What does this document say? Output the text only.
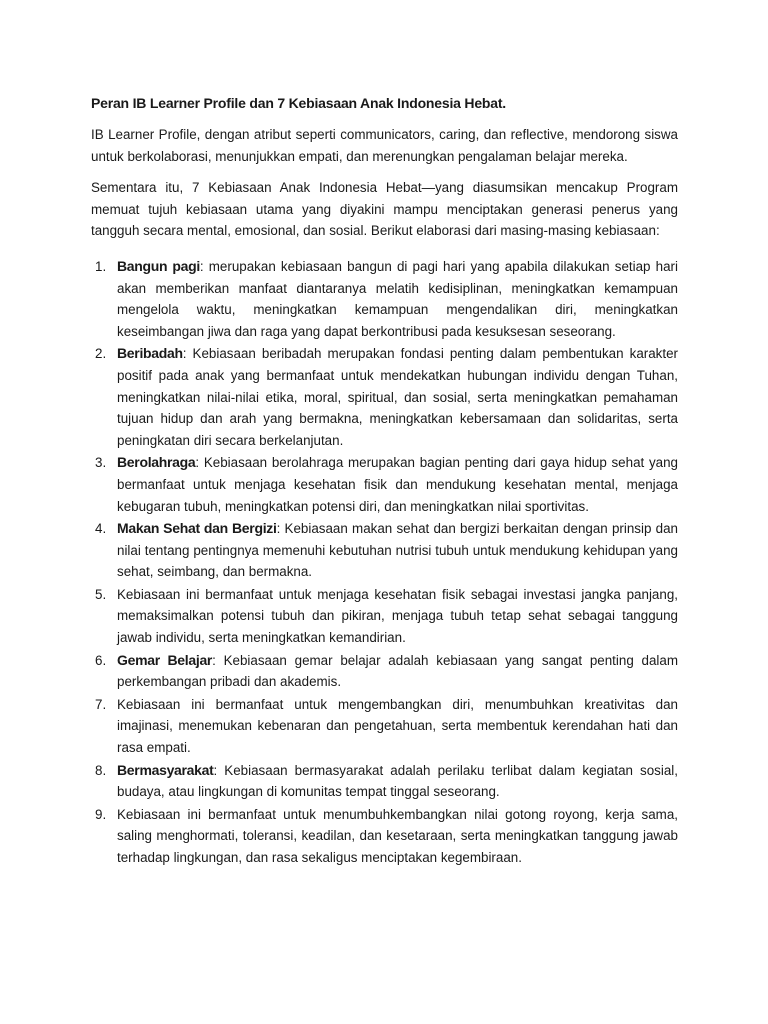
Peran IB Learner Profile dan 7 Kebiasaan Anak Indonesia Hebat.

IB Learner Profile, dengan atribut seperti communicators, caring, dan reflective, mendorong siswa untuk berkolaborasi, menunjukkan empati, dan merenungkan pengalaman belajar mereka.

Sementara itu, 7 Kebiasaan Anak Indonesia Hebat—yang diasumsikan mencakup Program memuat tujuh kebiasaan utama yang diyakini mampu menciptakan generasi penerus yang tangguh secara mental, emosional, dan sosial. Berikut elaborasi dari masing-masing kebiasaan:

1. Bangun pagi: merupakan kebiasaan bangun di pagi hari yang apabila dilakukan setiap hari akan memberikan manfaat diantaranya melatih kedisiplinan, meningkatkan kemampuan mengelola waktu, meningkatkan kemampuan mengendalikan diri, meningkatkan keseimbangan jiwa dan raga yang dapat berkontribusi pada kesuksesan seseorang.
2. Beribadah: Kebiasaan beribadah merupakan fondasi penting dalam pembentukan karakter positif pada anak yang bermanfaat untuk mendekatkan hubungan individu dengan Tuhan, meningkatkan nilai-nilai etika, moral, spiritual, dan sosial, serta meningkatkan pemahaman tujuan hidup dan arah yang bermakna, meningkatkan kebersamaan dan solidaritas, serta peningkatan diri secara berkelanjutan.
3. Berolahraga: Kebiasaan berolahraga merupakan bagian penting dari gaya hidup sehat yang bermanfaat untuk menjaga kesehatan fisik dan mendukung kesehatan mental, menjaga kebugaran tubuh, meningkatkan potensi diri, dan meningkatkan nilai sportivitas.
4. Makan Sehat dan Bergizi: Kebiasaan makan sehat dan bergizi berkaitan dengan prinsip dan nilai tentang pentingnya memenuhi kebutuhan nutrisi tubuh untuk mendukung kehidupan yang sehat, seimbang, dan bermakna.
5. Kebiasaan ini bermanfaat untuk menjaga kesehatan fisik sebagai investasi jangka panjang, memaksimalkan potensi tubuh dan pikiran, menjaga tubuh tetap sehat sebagai tanggung jawab individu, serta meningkatkan kemandirian.
6. Gemar Belajar: Kebiasaan gemar belajar adalah kebiasaan yang sangat penting dalam perkembangan pribadi dan akademis.
7. Kebiasaan ini bermanfaat untuk mengembangkan diri, menumbuhkan kreativitas dan imajinasi, menemukan kebenaran dan pengetahuan, serta membentuk kerendahan hati dan rasa empati.
8. Bermasyarakat: Kebiasaan bermasyarakat adalah perilaku terlibat dalam kegiatan sosial, budaya, atau lingkungan di komunitas tempat tinggal seseorang.
9. Kebiasaan ini bermanfaat untuk menumbuhkembangkan nilai gotong royong, kerja sama, saling menghormati, toleransi, keadilan, dan kesetaraan, serta meningkatkan tanggung jawab terhadap lingkungan, dan rasa sekaligus menciptakan kegembiraan.
